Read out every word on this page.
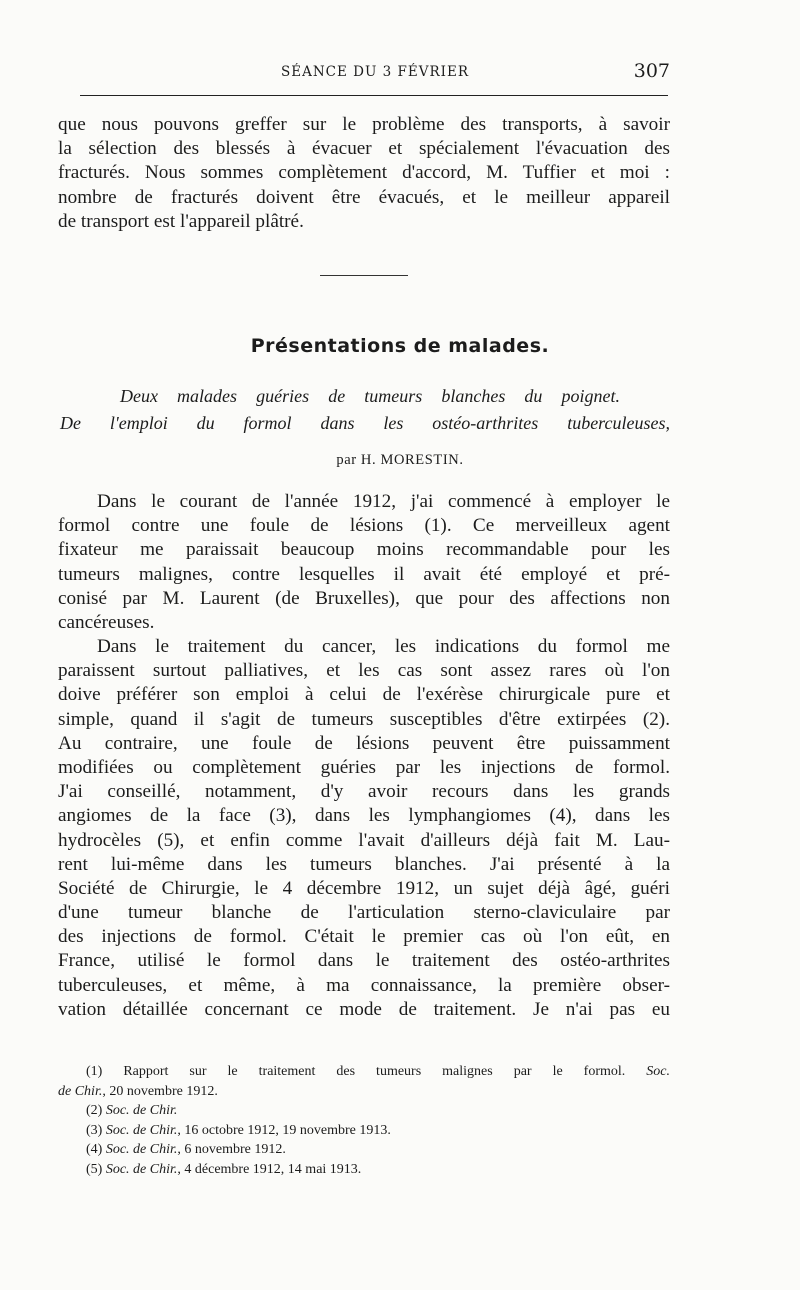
SÉANCE DU 3 FÉVRIER	307
que nous pouvons greffer sur le problème des transports, à savoir
la sélection des blessés à évacuer et spécialement l'évacuation des
fracturés. Nous sommes complètement d'accord, M. Tuffier et moi :
nombre de fracturés doivent être évacués, et le meilleur appareil
de transport est l'appareil plâtré.
Présentations de malades.
Deux malades guéries de tumeurs blanches du poignet.
De l'emploi du formol dans les ostéo-arthrites tuberculeuses,
par H. MORESTIN.
Dans le courant de l'année 1912, j'ai commencé à employer le
formol contre une foule de lésions (1). Ce merveilleux agent
fixateur me paraissait beaucoup moins recommandable pour les
tumeurs malignes, contre lesquelles il avait été employé et pré-
conisé par M. Laurent (de Bruxelles), que pour des affections non
cancéreuses.
Dans le traitement du cancer, les indications du formol me
paraissent surtout palliatives, et les cas sont assez rares où l'on
doive préférer son emploi à celui de l'exérèse chirurgicale pure et
simple, quand il s'agit de tumeurs susceptibles d'être extirpées (2).
Au contraire, une foule de lésions peuvent être puissamment
modifiées ou complètement guéries par les injections de formol.
J'ai conseillé, notamment, d'y avoir recours dans les grands
angiomes de la face (3), dans les lymphangiomes (4), dans les
hydrocèles (5), et enfin comme l'avait d'ailleurs déjà fait M. Lau-
rent lui-même dans les tumeurs blanches. J'ai présenté à la
Société de Chirurgie, le 4 décembre 1912, un sujet déjà âgé, guéri
d'une tumeur blanche de l'articulation sterno-claviculaire par
des injections de formol. C'était le premier cas où l'on eût, en
France, utilisé le formol dans le traitement des ostéo-arthrites
tuberculeuses, et même, à ma connaissance, la première obser-
vation détaillée concernant ce mode de traitement. Je n'ai pas eu
(1) Rapport sur le traitement des tumeurs malignes par le formol. Soc.
de Chir., 20 novembre 1912.
(2) Soc. de Chir.
(3) Soc. de Chir., 16 octobre 1912, 19 novembre 1913.
(4) Soc. de Chir., 6 novembre 1912.
(5) Soc. de Chir., 4 décembre 1912, 14 mai 1913.
